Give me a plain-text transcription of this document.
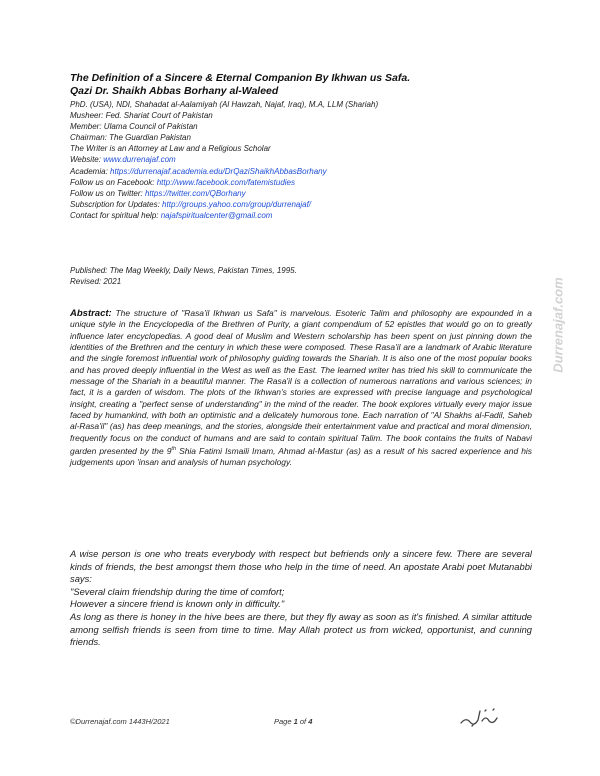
The Definition of a Sincere & Eternal Companion By Ikhwan us Safa.
Qazi Dr. Shaikh Abbas Borhany al-Waleed
PhD. (USA), NDI, Shahadat al-Aalamiyah (Al Hawzah, Najaf, Iraq), M.A, LLM (Shariah)
Musheer: Fed. Shariat Court of Pakistan
Member: Ulama Council of Pakistan
Chairman: The Guardian Pakistan
The Writer is an Attorney at Law and a Religious Scholar
Website: www.durrenajaf.com
Academia: https://durrenajaf.academia.edu/DrQaziShaikhAbbasBorhany
Follow us on Facebook: http://www.facebook.com/fatemistudies
Follow us on Twitter: https://twitter.com/QBorhany
Subscription for Updates: http://groups.yahoo.com/group/durrenajaf/
Contact for spiritual help: najafspiritualcenter@gmail.com
Published: The Mag Weekly, Daily News, Pakistan Times, 1995.
Revised: 2021
Abstract: The structure of "Rasa'il Ikhwan us Safa" is marvelous. Esoteric Talim and philosophy are expounded in a unique style in the Encyclopedia of the Brethren of Purity, a giant compendium of 52 epistles that would go on to greatly influence later encyclopedias. A good deal of Muslim and Western scholarship has been spent on just pinning down the identities of the Brethren and the century in which these were composed. These Rasa'il are a landmark of Arabic literature and the single foremost influential work of philosophy guiding towards the Shariah. It is also one of the most popular books and has proved deeply influential in the West as well as the East. The learned writer has tried his skill to communicate the message of the Shariah in a beautiful manner. The Rasa'il is a collection of numerous narrations and various sciences; in fact, it is a garden of wisdom. The plots of the Ikhwan's stories are expressed with precise language and psychological insight, creating a "perfect sense of understanding" in the mind of the reader. The book explores virtually every major issue faced by humankind, with both an optimistic and a delicately humorous tone. Each narration of "Al Shakhs al-Fadil, Saheb al-Rasa'il" (as) has deep meanings, and the stories, alongside their entertainment value and practical and moral dimension, frequently focus on the conduct of humans and are said to contain spiritual Talim. The book contains the fruits of Nabavi garden presented by the 9th Shia Fatimi Ismaili Imam, Ahmad al-Mastur (as) as a result of his sacred experience and his judgements upon 'insan and analysis of human psychology.

A wise person is one who treats everybody with respect but befriends only a sincere few. There are several kinds of friends, the best amongst them those who help in the time of need. An apostate Arabi poet Mutanabbi says:

"Several claim friendship during the time of comfort;

However a sincere friend is known only in difficulty."

As long as there is honey in the hive bees are there, but they fly away as soon as it's finished. A similar attitude among selfish friends is seen from time to time. May Allah protect us from wicked, opportunist, and cunning friends.

Durrenajaf.com
©Durrenajaf.com 1443H/2021	Page 1 of 4
